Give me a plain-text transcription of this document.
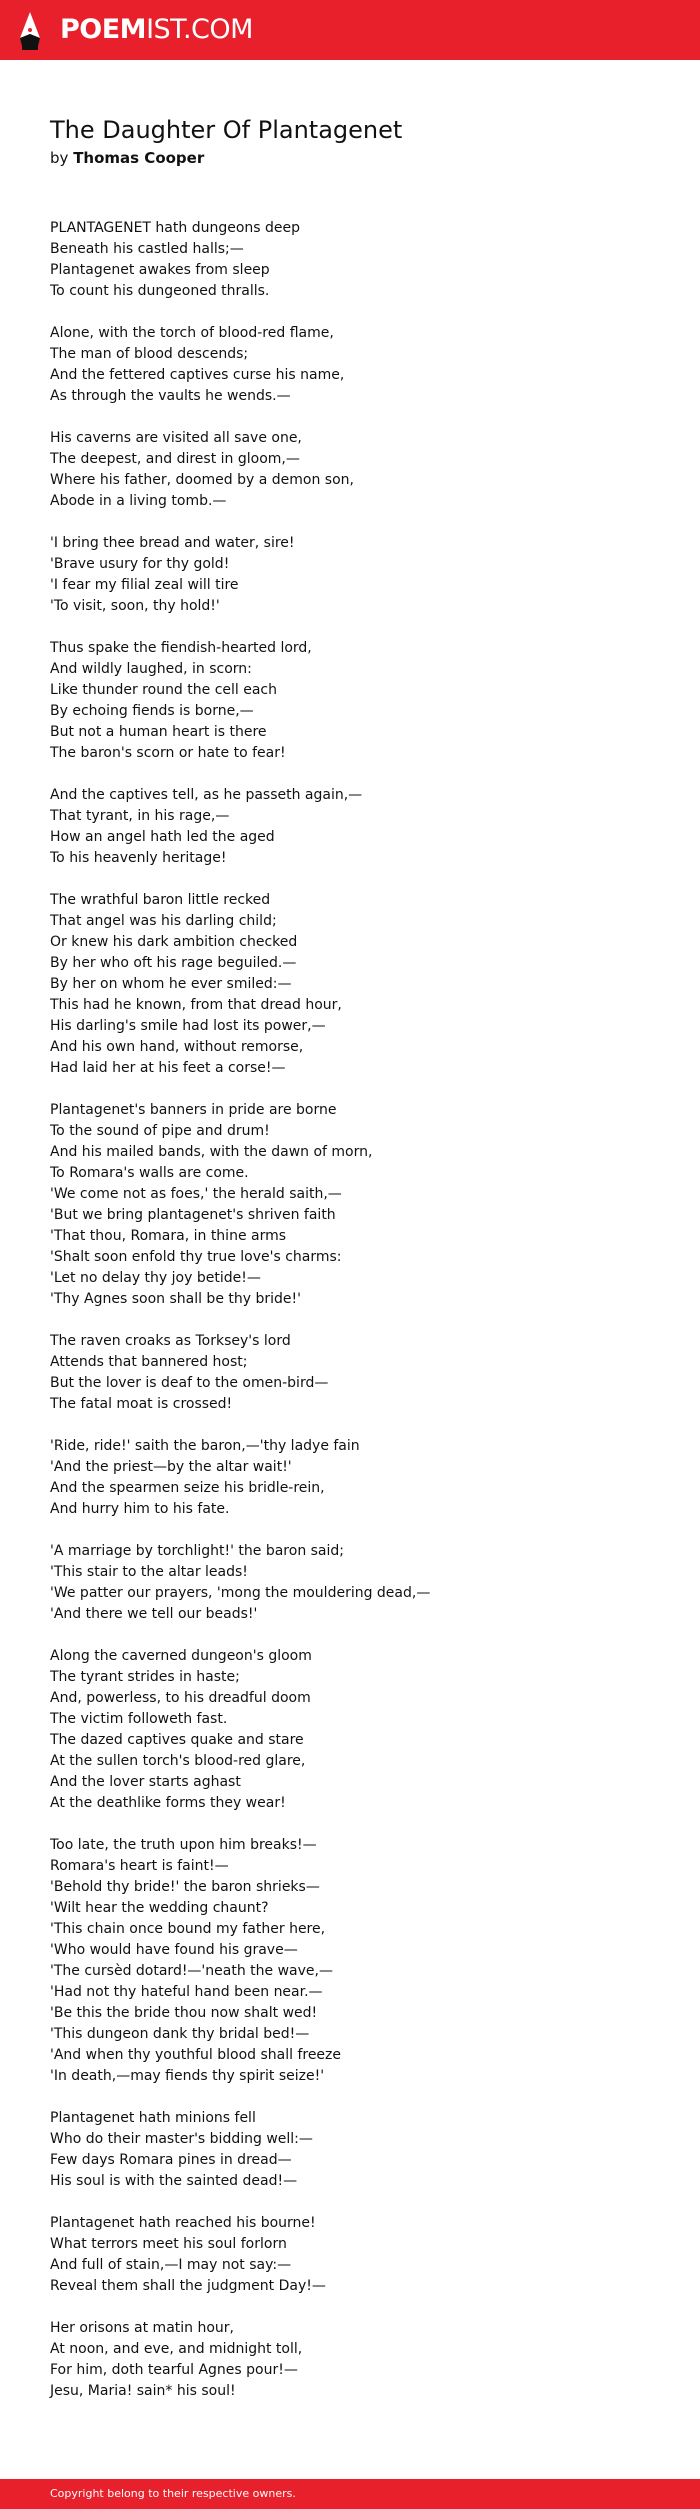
POEMIST.COM
The Daughter Of Plantagenet
by Thomas Cooper
PLANTAGENET hath dungeons deep
Beneath his castled halls;—
Plantagenet awakes from sleep
To count his dungeoned thralls.
Alone, with the torch of blood-red flame,
The man of blood descends;
And the fettered captives curse his name,
As through the vaults he wends.—
His caverns are visited all save one,
The deepest, and direst in gloom,—
Where his father, doomed by a demon son,
Abode in a living tomb.—
'I bring thee bread and water, sire!
'Brave usury for thy gold!
'I fear my filial zeal will tire
'To visit, soon, thy hold!'
Thus spake the fiendish-hearted lord,
And wildly laughed, in scorn:
Like thunder round the cell each
By echoing fiends is borne,—
But not a human heart is there
The baron's scorn or hate to fear!
And the captives tell, as he passeth again,—
That tyrant, in his rage,—
How an angel hath led the aged
To his heavenly heritage!
The wrathful baron little recked
That angel was his darling child;
Or knew his dark ambition checked
By her who oft his rage beguiled.—
By her on whom he ever smiled:—
This had he known, from that dread hour,
His darling's smile had lost its power,—
And his own hand, without remorse,
Had laid her at his feet a corse!—
Plantagenet's banners in pride are borne
To the sound of pipe and drum!
And his mailed bands, with the dawn of morn,
To Romara's walls are come.
'We come not as foes,' the herald saith,—
'But we bring plantagenet's shriven faith
'That thou, Romara, in thine arms
'Shalt soon enfold thy true love's charms:
'Let no delay thy joy betide!—
'Thy Agnes soon shall be thy bride!'
The raven croaks as Torksey's lord
Attends that bannered host;
But the lover is deaf to the omen-bird—
The fatal moat is crossed!
'Ride, ride!' saith the baron,—'thy ladye fain
'And the priest—by the altar wait!'
And the spearmen seize his bridle-rein,
And hurry him to his fate.
'A marriage by torchlight!' the baron said;
'This stair to the altar leads!
'We patter our prayers, 'mong the mouldering dead,—
'And there we tell our beads!'
Along the caverned dungeon's gloom
The tyrant strides in haste;
And, powerless, to his dreadful doom
The victim followeth fast.
The dazed captives quake and stare
At the sullen torch's blood-red glare,
And the lover starts aghast
At the deathlike forms they wear!
Too late, the truth upon him breaks!—
Romara's heart is faint!—
'Behold thy bride!' the baron shrieks—
'Wilt hear the wedding chaunt?
'This chain once bound my father here,
'Who would have found his grave—
'The cursèd dotard!—'neath the wave,—
'Had not thy hateful hand been near.—
'Be this the bride thou now shalt wed!
'This dungeon dank thy bridal bed!—
'And when thy youthful blood shall freeze
'In death,—may fiends thy spirit seize!'
Plantagenet hath minions fell
Who do their master's bidding well:—
Few days Romara pines in dread—
His soul is with the sainted dead!—
Plantagenet hath reached his bourne!
What terrors meet his soul forlorn
And full of stain,—I may not say:—
Reveal them shall the judgment Day!—
Her orisons at matin hour,
At noon, and eve, and midnight toll,
For him, doth tearful Agnes pour!—
Jesu, Maria! sain* his soul!
Copyright belong to their respective owners.
